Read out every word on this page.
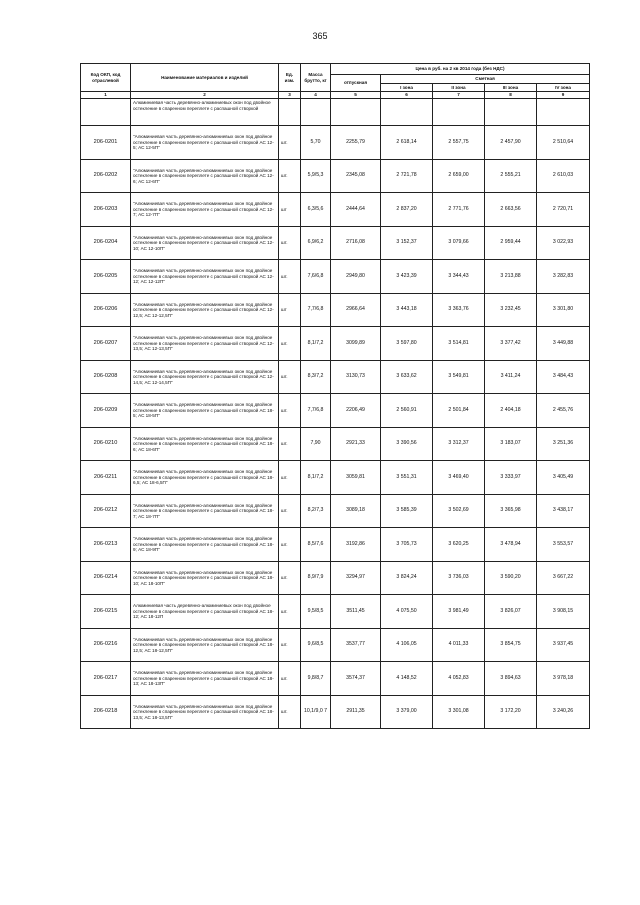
365
Код ОКП, код отраслевой	Наименование материалов и изделий	Ед. изм.	Масса брутто, кг	Цена в руб. на 2 кв 2014 года (без НДС)				
				отпускная	Сметная			
					I зона	II зона	III зона	IV зона
1	2	3	4	5	6	7	8	9
	Алюминиевая часть деревянно-алюминиевых окон под двойное остекление в спаренном переплете с распашной створкой							
206-0201	"Алюминиевая часть деревянно-алюминиевых окон под двойное остекление в спаренном переплете с распашной створкой АС 12-5; АС 12-5П"	шт.	5,70	2255,79	2 618,14	2 557,75	2 457,90	2 510,64
206-0202	"Алюминиевая часть деревянно-алюминиевых окон под двойное остекление в спаренном переплете с распашной створкой АС 12-6; АС 12-6П"	шт.	5,9/5,3	2345,08	2 721,78	2 659,00	2 555,21	2 610,03
206-0203	"Алюминиевая часть деревянно-алюминиевых окон под двойное остекление в спаренном переплете с распашной створкой АС 12-7; АС 12-7П"	шт	6,3/5,6	2444,64	2 837,20	2 771,76	2 663,56	2 720,71
206-0204	"Алюминиевая часть деревянно-алюминиевых окон под двойное остекление в спаренном переплете с распашной створкой АС 12-10; АС 12-10П"	шт.	6,9/6,2	2716,08	3 152,37	3 079,66	2 959,44	3 022,93
206-0205	"Алюминиевая часть деревянно-алюминиевых окон под двойное остекление в спаренном переплете с распашной створкой АС 12-12; АС 12-12П"	шт.	7,6/6,8	2949,80	3 423,39	3 344,43	3 213,88	3 282,83
206-0206	"Алюминиевая часть деревянно-алюминиевых окон под двойное остекление в спаренном переплете с распашной створкой АС 12-12,5; АС 12-12,5П"	шт	7,7/6,8	2966,64	3 443,18	3 363,76	3 232,45	3 301,80
206-0207	"Алюминиевая часть деревянно-алюминиевых окон под двойное остекление в спаренном переплете с распашной створкой АС 12-13,5; АС 12-13,5П"	шт.	8,1/7,2	3099,89	3 597,80	3 514,81	3 377,42	3 449,88
206-0208	"Алюминиевая часть деревянно-алюминиевых окон под двойное остекление в спаренном переплете с распашной створкой АС 12-14,5; АС 12-14,5П"	шт.	8,3/7,2	3130,73	3 633,62	3 549,81	3 411,24	3 484,43
206-0209	"Алюминиевая часть деревянно-алюминиевых окон под двойное остекление в спаренном переплете с распашной створкой АС 18-5; АС 18-5П"	шт.	7,7/6,8	2206,49	2 560,91	2 501,84	2 404,18	2 455,76
206-0210	"Алюминиевая часть деревянно-алюминиевых окон под двойное остекление в спаренном переплете с распашной створкой АС 18-6; АС 18-6П"	шт.	7,90	2921,33	3 390,56	3 312,37	3 183,07	3 251,36
206-0211	"Алюминиевая часть деревянно-алюминиевых окон под двойное остекление в спаренном переплете с распашной створкой АС 18-6,5; АС 18-6,5П"	шт.	8,1/7,2	3059,81	3 551,31	3 469,40	3 333,97	3 405,49
206-0212	"Алюминиевая часть деревянно-алюминиевых окон под двойное остекление в спаренном переплете с распашной створкой АС 18-7; АС 18-7П"	шт.	8,2/7,3	3089,18	3 585,39	3 502,69	3 365,98	3 438,17
206-0213	"Алюминиевая часть деревянно-алюминиевых окон под двойное остекление в спаренном переплете с распашной створкой АС 18-9; АС 18-9П"	шт.	8,5/7,6	3192,86	3 705,73	3 620,25	3 478,94	3 553,57
206-0214	"Алюминиевая часть деревянно-алюминиевых окон под двойное остекление в спаренном переплете с распашной створкой АС 18-10; АС 18-10П"	шт.	8,9/7,9	3294,97	3 824,24	3 736,03	3 590,20	3 667,22
206-0215	Алюминиевая часть деревянно-алюминиевых окон под двойное остекление в спаренном переплете с распашной створкой АС 18-12; АС 18-12П	шт.	9,5/8,5	3511,45	4 075,50	3 981,49	3 826,07	3 908,15
206-0216	"Алюминиевая часть деревянно-алюминиевых окон под двойное остекление в спаренном переплете с распашной створкой АС 18-12,5; АС 18-12,5П"	шт.	9,6/8,5	3537,77	4 106,05	4 011,33	3 854,75	3 937,45
206-0217	"Алюминиевая часть деревянно-алюминиевых окон под двойное остекление в спаренном переплете с распашной створкой АС 18-13; АС 18-13П"	шт.	9,8/8,7	3574,37	4 148,52	4 052,83	3 894,63	3 978,18
206-0218	"Алюминиевая часть деревянно-алюминиевых окон под двойное остекление в спаренном переплете с распашной створкой АС 18-13,5; АС 18-13,5П"	шт.	10,1/9,0 7	2911,35	3 379,00	3 301,08	3 172,20	3 240,26
